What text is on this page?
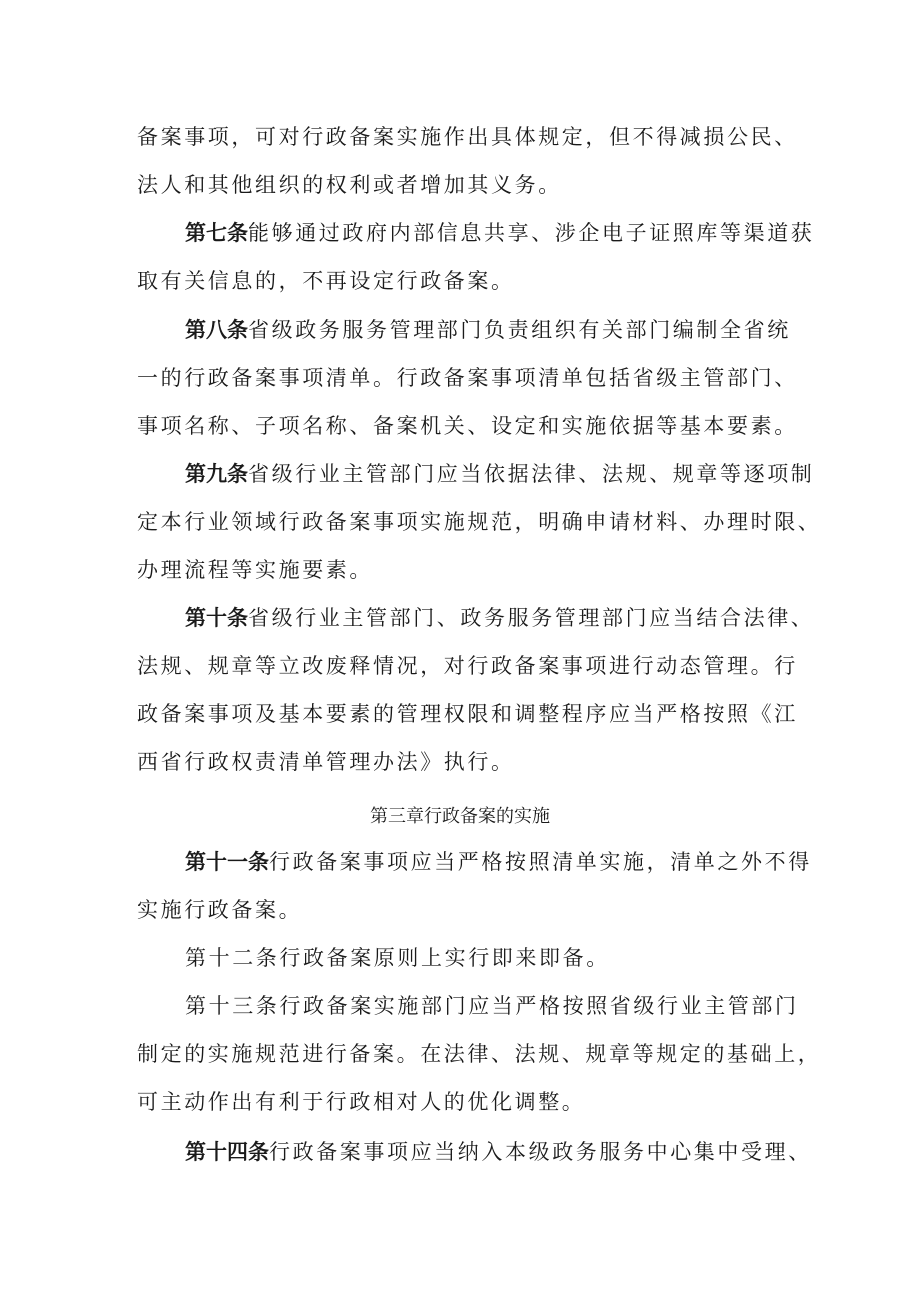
备案事项，可对行政备案实施作出具体规定，但不得减损公民、
法人和其他组织的权利或者增加其义务。
第七条能够通过政府内部信息共享、涉企电子证照库等渠道获
取有关信息的，不再设定行政备案。
第八条省级政务服务管理部门负责组织有关部门编制全省统
一的行政备案事项清单。行政备案事项清单包括省级主管部门、
事项名称、子项名称、备案机关、设定和实施依据等基本要素。
第九条省级行业主管部门应当依据法律、法规、规章等逐项制
定本行业领域行政备案事项实施规范，明确申请材料、办理时限、
办理流程等实施要素。
第十条省级行业主管部门、政务服务管理部门应当结合法律、
法规、规章等立改废释情况，对行政备案事项进行动态管理。行
政备案事项及基本要素的管理权限和调整程序应当严格按照《江
西省行政权责清单管理办法》执行。
第三章行政备案的实施
第十一条行政备案事项应当严格按照清单实施，清单之外不得
实施行政备案。
第十二条行政备案原则上实行即来即备。
第十三条行政备案实施部门应当严格按照省级行业主管部门
制定的实施规范进行备案。在法律、法规、规章等规定的基础上，
可主动作出有利于行政相对人的优化调整。
第十四条行政备案事项应当纳入本级政务服务中心集中受理、
